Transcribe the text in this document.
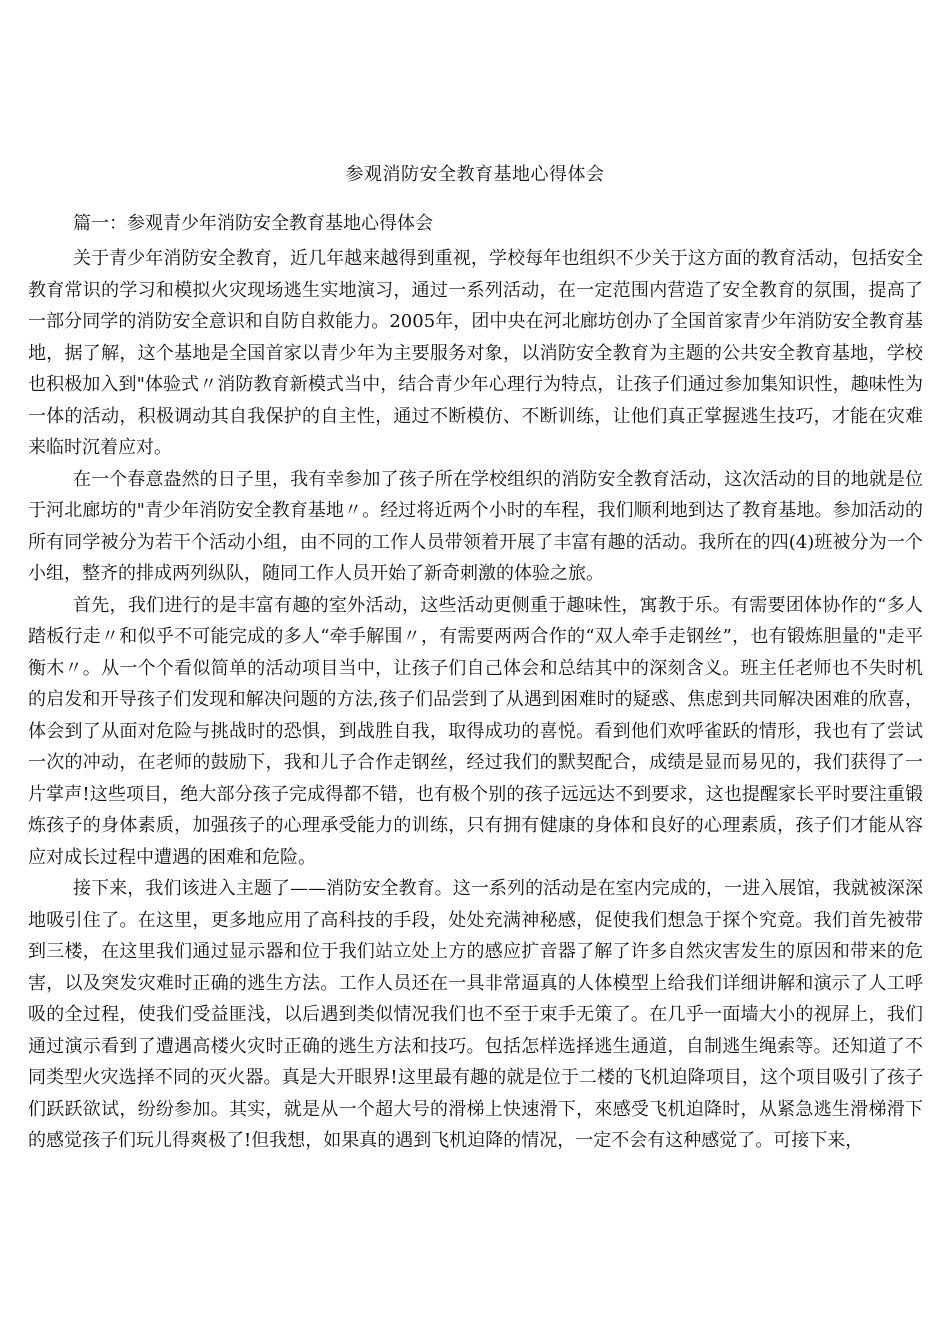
参观消防安全教育基地心得体会
篇一：参观青少年消防安全教育基地心得体会

关于青少年消防安全教育，近几年越来越得到重视，学校每年也组织不少关于这方面的教育活动，包括安全教育常识的学习和模拟火灾现场逃生实地演习，通过一系列活动，在一定范围内营造了安全教育的氛围，提高了一部分同学的消防安全意识和自防自救能力。2005年，团中央在河北廊坊创办了全国首家青少年消防安全教育基地，据了解，这个基地是全国首家以青少年为主要服务对象，以消防安全教育为主题的公共安全教育基地，学校也积极加入到"体验式〃消防教育新模式当中，结合青少年心理行为特点，让孩子们通过参加集知识性，趣味性为一体的活动，积极调动其自我保护的自主性，通过不断模仿、不断训练，让他们真正掌握逃生技巧，才能在灾难来临时沉着应对。

在一个春意盎然的日子里，我有幸参加了孩子所在学校组织的消防安全教育活动，这次活动的目的地就是位于河北廊坊的"青少年消防安全教育基地〃。经过将近两个小时的车程，我们顺利地到达了教育基地。参加活动的所有同学被分为若干个活动小组，由不同的工作人员带领着开展了丰富有趣的活动。我所在的四(4)班被分为一个小组，整齐的排成两列纵队，随同工作人员开始了新奇刺激的体验之旅。

首先，我们进行的是丰富有趣的室外活动，这些活动更侧重于趣味性，寓教于乐。有需要团体协作的“多人踏板行走〃和似乎不可能完成的多人“牵手解围〃，有需要两两合作的“双人牵手走钢丝”，也有锻炼胆量的"走平衡木〃。从一个个看似简单的活动项目当中，让孩子们自己体会和总结其中的深刻含义。班主任老师也不失时机的启发和开导孩子们发现和解决问题的方法,孩子们品尝到了从遇到困难时的疑惑、焦虑到共同解决困难的欣喜，体会到了从面对危险与挑战时的恐惧，到战胜自我，取得成功的喜悦。看到他们欢呼雀跃的情形，我也有了尝试一次的冲动，在老师的鼓励下，我和儿子合作走钢丝，经过我们的默契配合，成绩是显而易见的，我们获得了一片掌声!这些项目，绝大部分孩子完成得都不错，也有极个别的孩子远远达不到要求，这也提醒家长平时要注重锻炼孩子的身体素质，加强孩子的心理承受能力的训练，只有拥有健康的身体和良好的心理素质，孩子们才能从容应对成长过程中遭遇的困难和危险。

接下来，我们该进入主题了——消防安全教育。这一系列的活动是在室内完成的，一进入展馆，我就被深深地吸引住了。在这里，更多地应用了高科技的手段，处处充满神秘感，促使我们想急于探个究竟。我们首先被带到三楼，在这里我们通过显示器和位于我们站立处上方的感应扩音器了解了许多自然灾害发生的原因和带来的危害，以及突发灾难时正确的逃生方法。工作人员还在一具非常逼真的人体模型上给我们详细讲解和演示了人工呼吸的全过程，使我们受益匪浅，以后遇到类似情况我们也不至于束手无策了。在几乎一面墙大小的视屏上，我们通过演示看到了遭遇高楼火灾时正确的逃生方法和技巧。包括怎样选择逃生通道，自制逃生绳索等。还知道了不同类型火灾选择不同的灭火器。真是大开眼界!这里最有趣的就是位于二楼的飞机迫降项目，这个项目吸引了孩子们跃跃欲试，纷纷参加。其实，就是从一个超大号的滑梯上快速滑下，來感受飞机迫降时，从紧急逃生滑梯滑下的感觉孩子们玩儿得爽极了!但我想，如果真的遇到飞机迫降的情况，一定不会有这种感觉了。可接下来，
